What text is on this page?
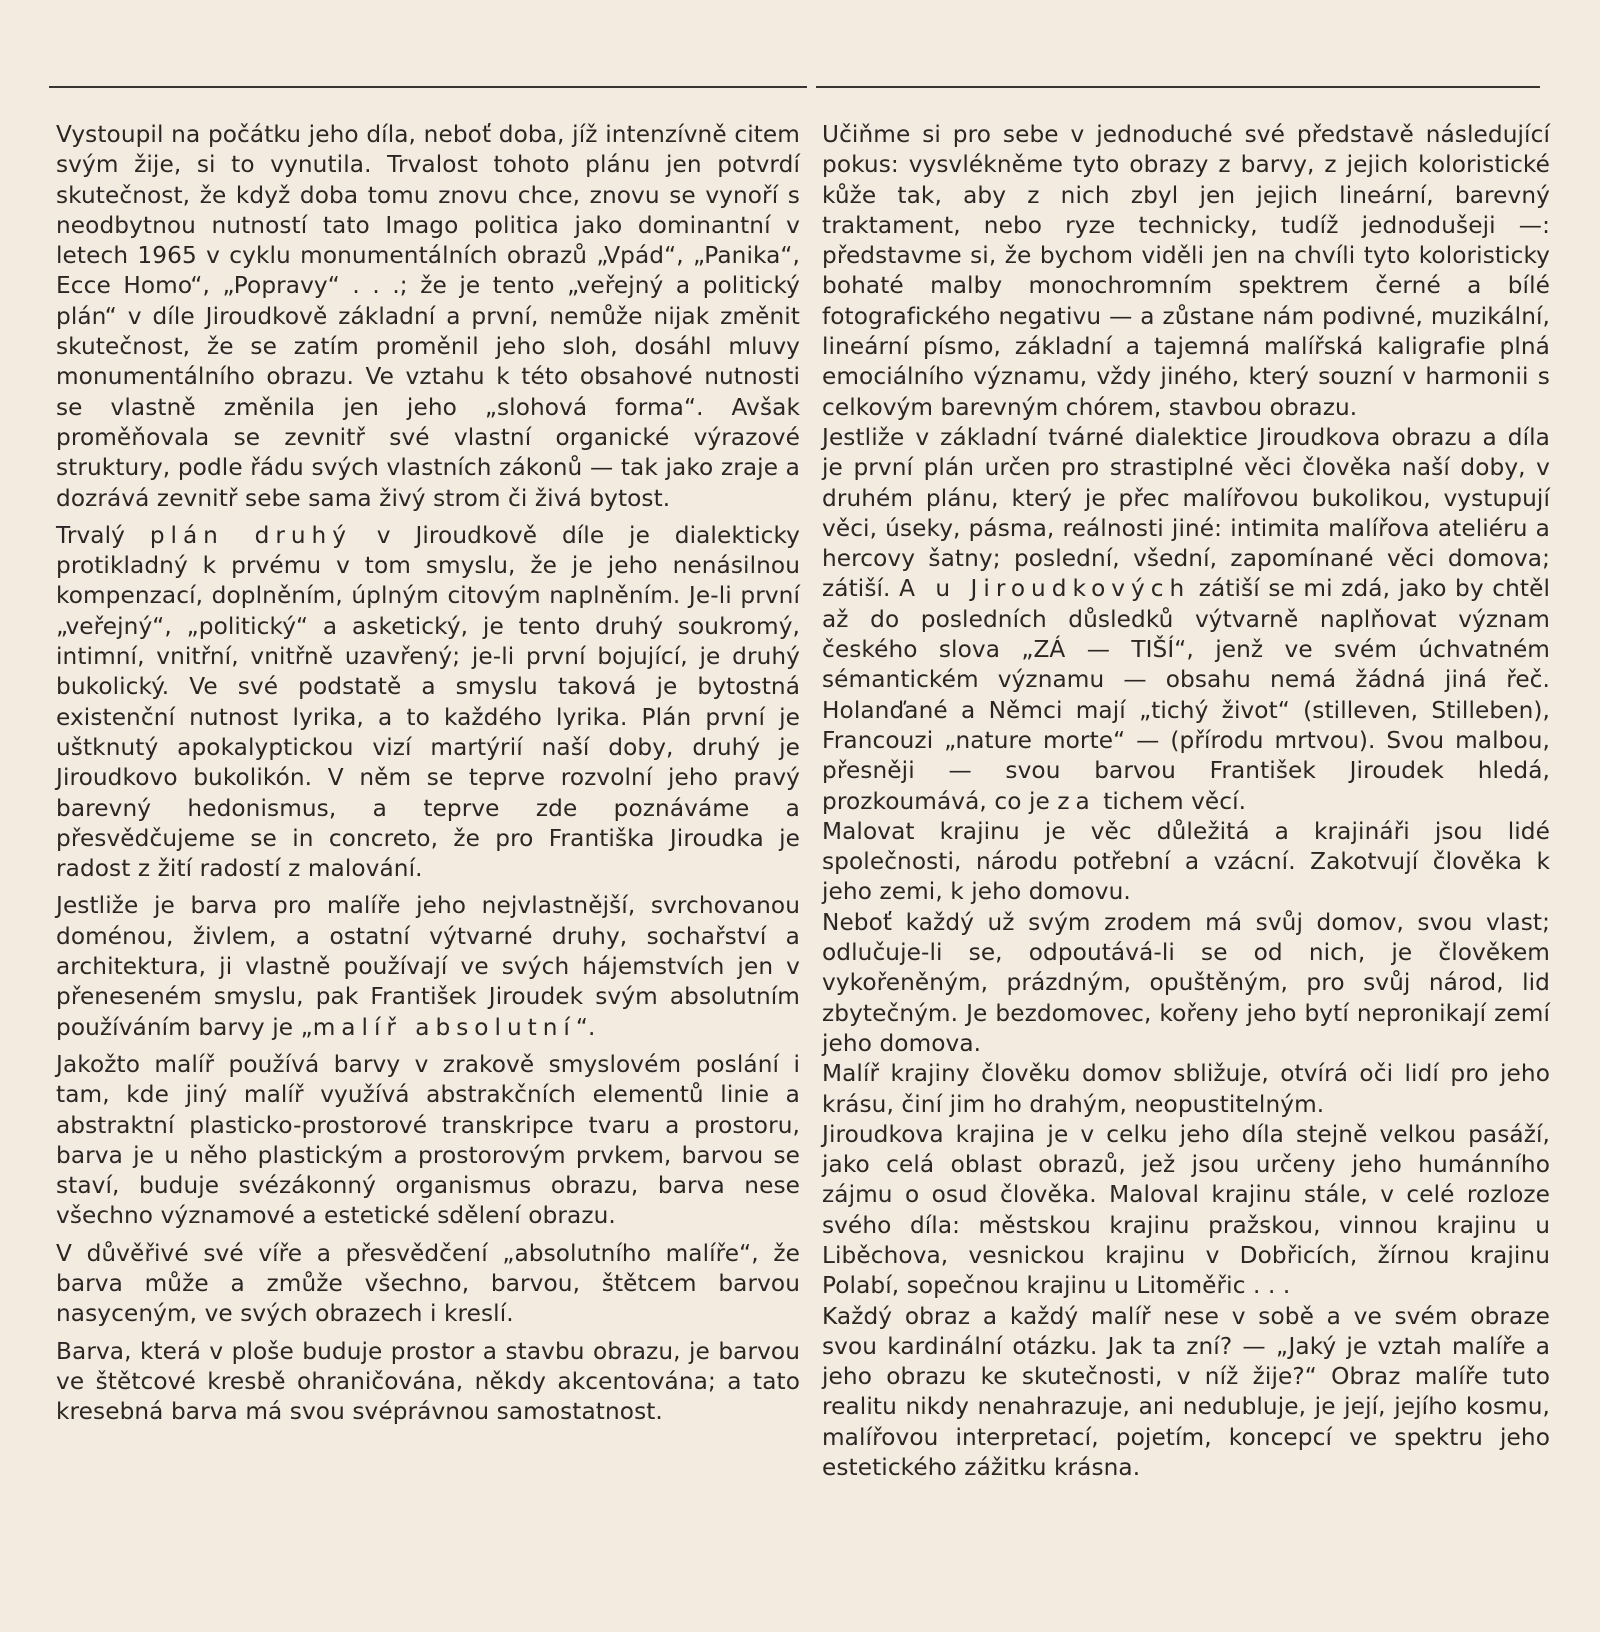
Vystoupil na počátku jeho díla, neboť doba, jíž intenzívně citem svým žije, si to vynutila. Trvalost tohoto plánu jen potvrdí skutečnost, že když doba tomu znovu chce, znovu se vynoří s neodbytnou nutností tato Imago politica jako dominantní v letech 1965 v cyklu monumentálních obrazů „Vpád“, „Panika“, Ecce Homo“, „Popravy“ . . .; že je tento „veřejný a politický plán“ v díle Jiroudkově základní a první, nemůže nijak změnit skutečnost, že se zatím proměnil jeho sloh, dosáhl mluvy monumentálního obrazu. Ve vztahu k této obsahové nutnosti se vlastně změnila jen jeho „slohová forma“. Avšak proměňovala se zevnitř své vlastní organické výrazové struktury, podle řádu svých vlastních zákonů — tak jako zraje a dozrává zevnitř sebe sama živý strom či živá bytost.

Trvalý plán druhý v Jiroudkově díle je dialekticky protikladný k prvému v tom smyslu, že je jeho nenásilnou kompenzací, doplněním, úplným citovým naplněním. Je-li první „veřejný“, „politický“ a asketický, je tento druhý soukromý, intimní, vnitřní, vnitřně uzavřený; je-li první bojující, je druhý bukolický. Ve své podstatě a smyslu taková je bytostná existenční nutnost lyrika, a to každého lyrika. Plán první je uštknutý apokalyptickou vizí martýrií naší doby, druhý je Jiroudkovo bukolikón. V něm se teprve rozvolní jeho pravý barevný hedonismus, a teprve zde poznáváme a přesvědčujeme se in concreto, že pro Františka Jiroudka je radost z žití radostí z malování.

Jestliže je barva pro malíře jeho nejvlastnější, svrchovanou doménou, živlem, a ostatní výtvarné druhy, sochařství a architektura, ji vlastně používají ve svých hájemstvích jen v přeneseném smyslu, pak František Jiroudek svým absolutním používáním barvy je „malíř absolutní“.

Jakožto malíř používá barvy v zrakově smyslovém poslání i tam, kde jiný malíř využívá abstrakčních elementů linie a abstraktní plasticko-prostorové transkripce tvaru a prostoru, barva je u něho plastickým a prostorovým prvkem, barvou se staví, buduje svézákonný organismus obrazu, barva nese všechno významové a estetické sdělení obrazu.

V důvěřivé své víře a přesvědčení „absolutního malíře“, že barva může a zmůže všechno, barvou, štětcem barvou nasyceným, ve svých obrazech i kreslí.

Barva, která v ploše buduje prostor a stavbu obrazu, je barvou ve štětcové kresbě ohraničována, někdy akcentována; a tato kresebná barva má svou svéprávnou samostatnost.

Učiňme si pro sebe v jednoduché své představě následující pokus: vysvlékněme tyto obrazy z barvy, z jejich koloristické kůže tak, aby z nich zbyl jen jejich lineární, barevný traktament, nebo ryze technicky, tudíž jednodušeji —: představme si, že bychom viděli jen na chvíli tyto koloristicky bohaté malby monochromním spektrem černé a bílé fotografického negativu — a zůstane nám podivné, muzikální, lineární písmo, základní a tajemná malířská kaligrafie plná emociálního významu, vždy jiného, který souzní v harmonii s celkovým barevným chórem, stavbou obrazu.

Jestliže v základní tvárné dialektice Jiroudkova obrazu a díla je první plán určen pro strastiplné věci člověka naší doby, v druhém plánu, který je přec malířovou bukolikou, vystupují věci, úseky, pásma, reálnosti jiné: intimita malířova ateliéru a hercovy šatny; poslední, všední, zapomínané věci domova; zátiší. A u Jiroudkových zátiší se mi zdá, jako by chtěl až do posledních důsledků výtvarně naplňovat význam českého slova „ZÁ — TIŠÍ“, jenž ve svém úchvatném sémantickém významu — obsahu nemá žádná jiná řeč. Holanďané a Němci mají „tichý život“ (stilleven, Stilleben), Francouzi „nature morte“ — (přírodu mrtvou). Svou malbou, přesněji — svou barvou František Jiroudek hledá, prozkoumává, co je za tichem věcí.

Malovat krajinu je věc důležitá a krajináři jsou lidé společnosti, národu potřební a vzácní. Zakotvují člověka k jeho zemi, k jeho domovu.

Neboť každý už svým zrodem má svůj domov, svou vlast; odlučuje-li se, odpoutává-li se od nich, je člověkem vykořeněným, prázdným, opuštěným, pro svůj národ, lid zbytečným. Je bezdomovec, kořeny jeho bytí nepronikají zemí jeho domova.

Malíř krajiny člověku domov sbližuje, otvírá oči lidí pro jeho krásu, činí jim ho drahým, neopustitelným.

Jiroudkova krajina je v celku jeho díla stejně velkou pasáží, jako celá oblast obrazů, jež jsou určeny jeho humánního zájmu o osud člověka. Maloval krajinu stále, v celé rozloze svého díla: městskou krajinu pražskou, vinnou krajinu u Liběchova, vesnickou krajinu v Dobřicích, žírnou krajinu Polabí, sopečnou krajinu u Litoměřic . . .

Každý obraz a každý malíř nese v sobě a ve svém obraze svou kardinální otázku. Jak ta zní? — „Jaký je vztah malíře a jeho obrazu ke skutečnosti, v níž žije?“ Obraz malíře tuto realitu nikdy nenahrazuje, ani nedubluje, je její, jejího kosmu, malířovou interpretací, pojetím, koncepcí ve spektru jeho estetického zážitku krásna.
